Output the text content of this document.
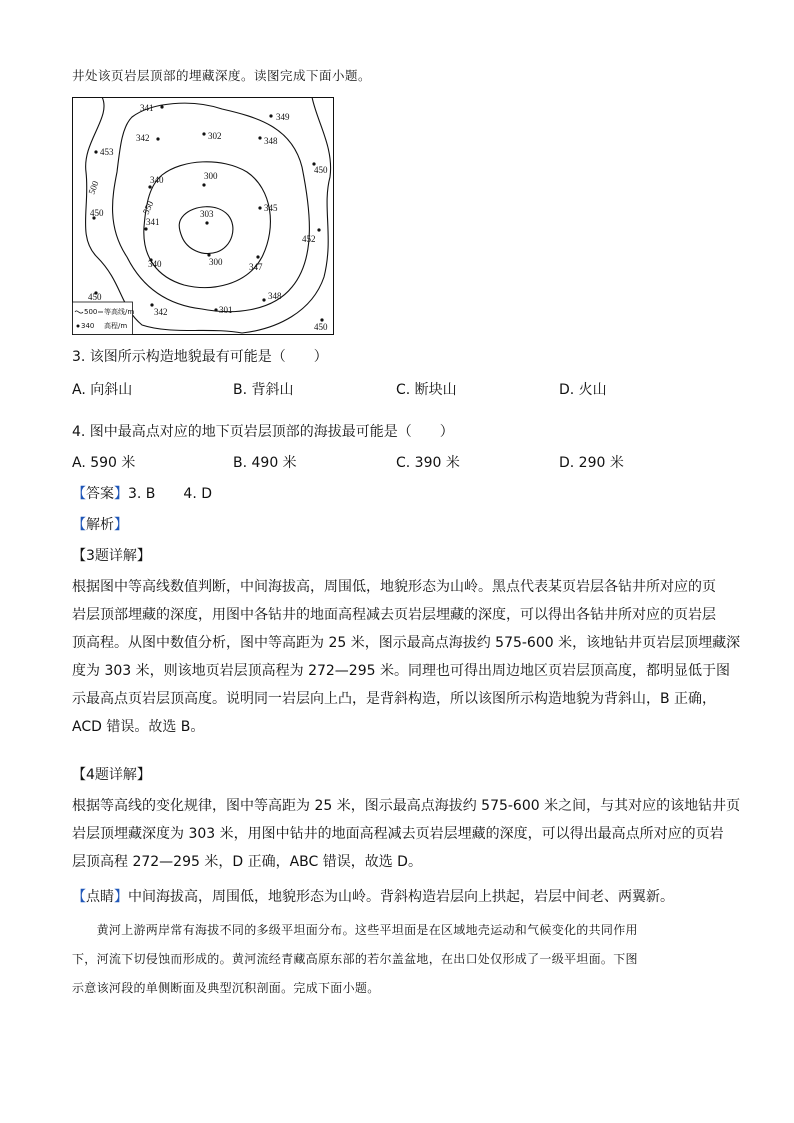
井处该页岩层顶部的埋藏深度。读图完成下面小题。
500
550
341
349
342	302	348
453
450
340	300
450	345
303
341
452
340	300	347
450	348
342	301
450
500 等高线/m
340 高程/m
3. 该图所示构造地貌最有可能是（　　）
A. 向斜山	B. 背斜山	C. 断块山	D. 火山
4. 图中最高点对应的地下页岩层顶部的海拔最可能是（　　）
A. 590 米	B. 490 米	C. 390 米	D. 290 米
【答案】3. B　　4. D
【解析】
【3题详解】
根据图中等高线数值判断，中间海拔高，周围低，地貌形态为山岭。黑点代表某页岩层各钻井所对应的页
岩层顶部埋藏的深度，用图中各钻井的地面高程减去页岩层埋藏的深度，可以得出各钻井所对应的页岩层
顶高程。从图中数值分析，图中等高距为 25 米，图示最高点海拔约 575-600 米，该地钻井页岩层顶埋藏深
度为 303 米，则该地页岩层顶高程为 272—295 米。同理也可得出周边地区页岩层顶高度，都明显低于图
示最高点页岩层顶高度。说明同一岩层向上凸，是背斜构造，所以该图所示构造地貌为背斜山，B 正确，
ACD 错误。故选 B。
【4题详解】
根据等高线的变化规律，图中等高距为 25 米，图示最高点海拔约 575-600 米之间，与其对应的该地钻井页
岩层顶埋藏深度为 303 米，用图中钻井的地面高程减去页岩层埋藏的深度，可以得出最高点所对应的页岩
层顶高程 272—295 米，D 正确，ABC 错误，故选 D。
【点睛】中间海拔高，周围低，地貌形态为山岭。背斜构造岩层向上拱起，岩层中间老、两翼新。
　　黄河上游两岸常有海拔不同的多级平坦面分布。这些平坦面是在区域地壳运动和气候变化的共同作用
下，河流下切侵蚀而形成的。黄河流经青藏高原东部的若尔盖盆地，在出口处仅形成了一级平坦面。下图
示意该河段的单侧断面及典型沉积剖面。完成下面小题。
